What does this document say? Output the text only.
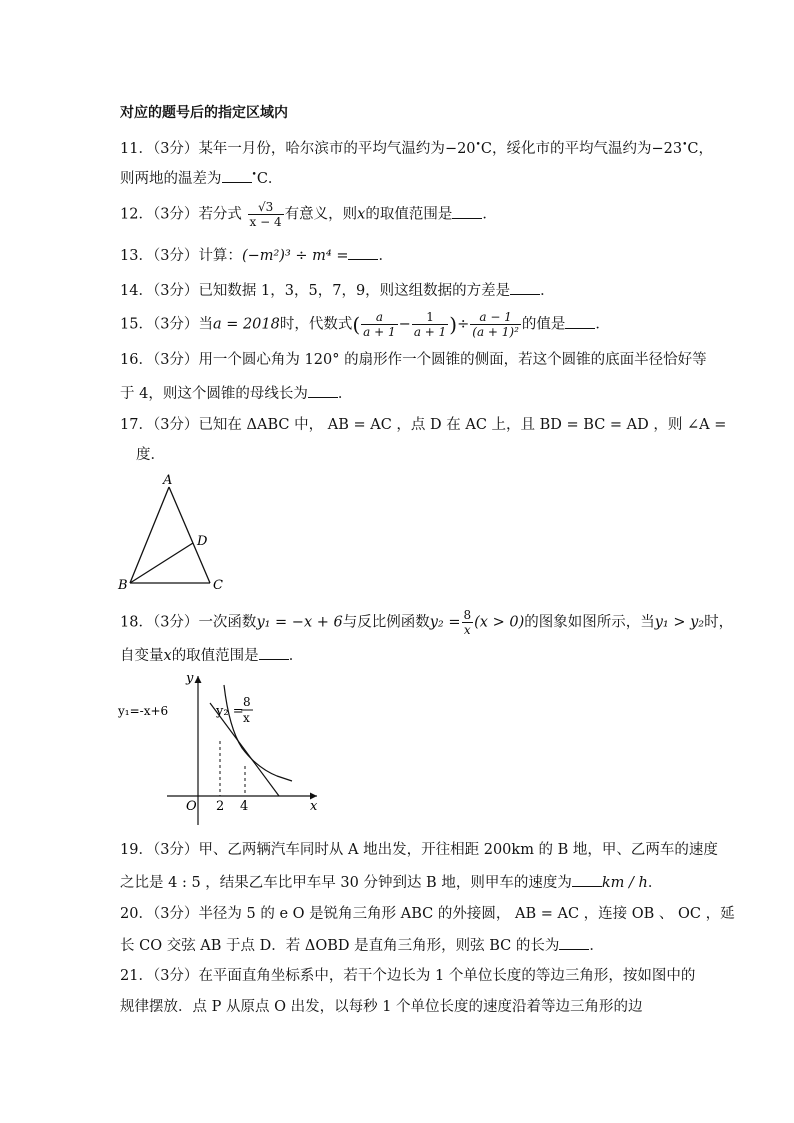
对应的题号后的指定区域内
11．（3分）某年一月份，哈尔滨市的平均气温约为−20•C，绥化市的平均气温约为−23•C，
则两地的温差为	•C．
12．（3分）若分式 $\frac{√3}{x - 4}$ 有意义，则x的取值范围是 ．
13．（3分）计算：(−m²)³ ÷ m⁴ = ．
14．（3分）已知数据 1，3，5，7，9，则这组数据的方差是 ．
15．（3分）当a = 2018时，代数式( $\frac{a}{a + 1} - \frac{1}{a + 1}$ )÷ $\frac{a - 1}{\text{(a + 1)²}}$ 的值是 ．
16．（3分）用一个圆心角为 120° 的扇形作一个圆锥的侧面，若这个圆锥的底面半径恰好等
于 4，则这个圆锥的母线长为 ．
17．（3分）已知在 ΔABC 中， AB = AC ，点 D 在 AC 上，且 BD = BC = AD ，则 ∠A =
度．
A
B	C
D
18．（3分）一次函数y₁ = −x + 6与反比例函数$y_2 = \frac{8}{x} (x > 0)$的图象如图所示，当y₁ > y₂时，
自变量x的取值范围是 ．
y
x
O 2 4
y₁=-x+6	y₂ =
8
x
19．（3分）甲、乙两辆汽车同时从 A 地出发，开往相距 200km 的 B 地，甲、乙两车的速度
之比是 4 : 5 ，结果乙车比甲车早 30 分钟到达 B 地，则甲车的速度为 km / h．
20．（3分）半径为 5 的 e O 是锐角三角形 ABC 的外接圆， AB = AC ，连接 OB 、 OC ，延
长 CO 交弦 AB 于点 D．若 ΔOBD 是直角三角形，则弦 BC 的长为 ．
21．（3分）在平面直角坐标系中，若干个边长为 1 个单位长度的等边三角形，按如图中的
规律摆放．点 P 从原点 O 出发，以每秒 1 个单位长度的速度沿着等边三角形的边
